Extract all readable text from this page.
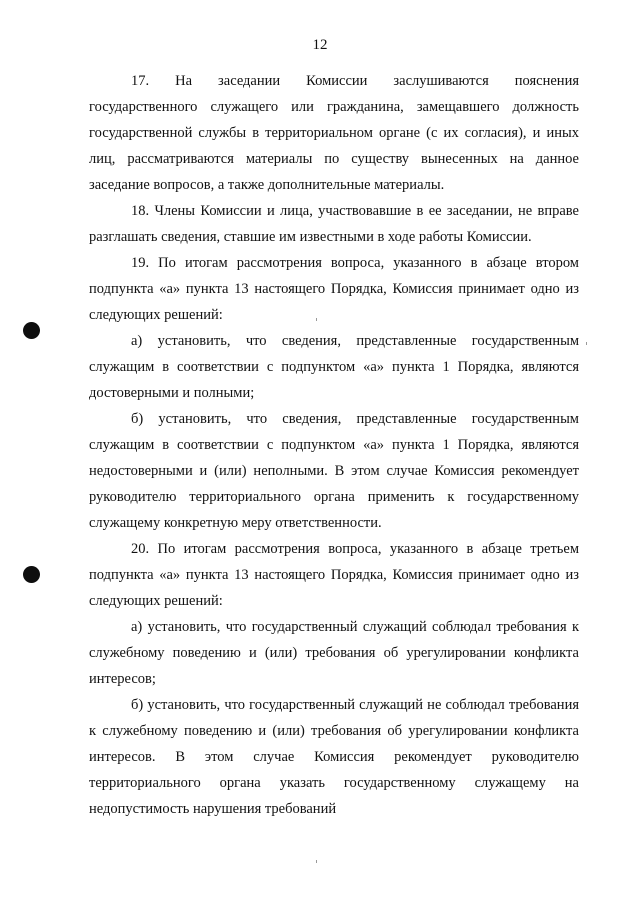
12

17. На заседании Комиссии заслушиваются пояснения государственного служащего или гражданина, замещавшего должность государственной службы в территориальном органе (с их согласия), и иных лиц, рассматриваются материалы по существу вынесенных на данное заседание вопросов, а также дополнительные материалы.

18. Члены Комиссии и лица, участвовавшие в ее заседании, не вправе разглашать сведения, ставшие им известными в ходе работы Комиссии.

19. По итогам рассмотрения вопроса, указанного в абзаце втором подпункта «а» пункта 13 настоящего Порядка, Комиссия принимает одно из следующих решений:

а) установить, что сведения, представленные государственным служащим в соответствии с подпунктом «а» пункта 1 Порядка, являются достоверными и полными;

б) установить, что сведения, представленные государственным служащим в соответствии с подпунктом «а» пункта 1 Порядка, являются недостоверными и (или) неполными. В этом случае Комиссия рекомендует руководителю территориального органа применить к государственному служащему конкретную меру ответственности.

20. По итогам рассмотрения вопроса, указанного в абзаце третьем подпункта «а» пункта 13 настоящего Порядка, Комиссия принимает одно из следующих решений:

а) установить, что государственный служащий соблюдал требования к служебному поведению и (или) требования об урегулировании конфликта интересов;

б) установить, что государственный служащий не соблюдал требования к служебному поведению и (или) требования об урегулировании конфликта интересов. В этом случае Комиссия рекомендует руководителю территориального органа указать государственному служащему на недопустимость нарушения требований
